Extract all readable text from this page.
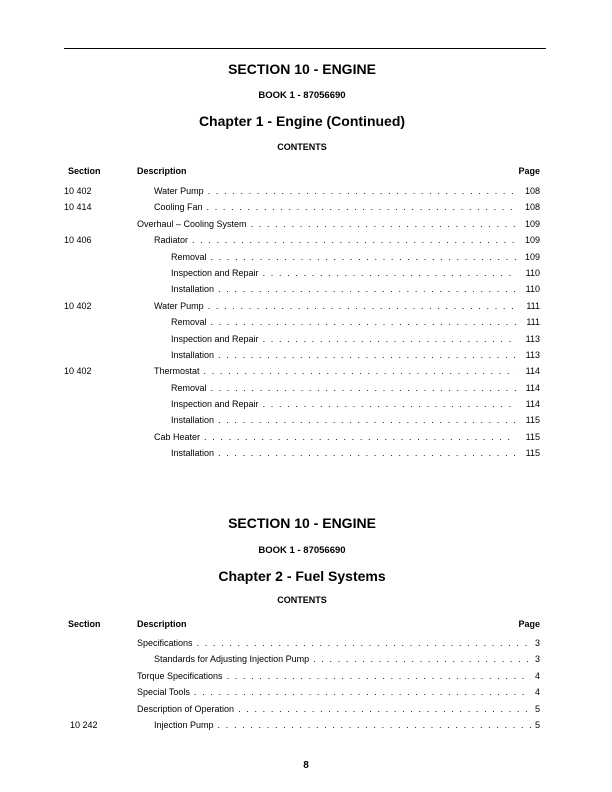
SECTION 10 - ENGINE

BOOK 1 - 87056690

Chapter 1 - Engine (Continued)

CONTENTS

Section	Description	Page
10 402	Water Pump . . .	108
10 414	Cooling Fan . . .	108
Overhaul – Cooling System . . .	109
10 406	Radiator . . .	109
Removal . . .	109
Inspection and Repair . . .	110
Installation . . .	110
10 402	Water Pump . . .	111
Removal . . .	111
Inspection and Repair . . .	113
Installation . . .	113
10 402	Thermostat . . .	114
Removal . . .	114
Inspection and Repair . . .	114
Installation . . .	115
Cab Heater . . .	115
Installation . . .	115

SECTION 10 - ENGINE

BOOK 1 - 87056690

Chapter 2 - Fuel Systems

CONTENTS

Section	Description	Page
Specifications . . .	3
Standards for Adjusting Injection Pump . . .	3
Torque Specifications . . .	4
Special Tools . . .	4
Description of Operation . . .	5
10 242	Injection Pump . . .	5
8
